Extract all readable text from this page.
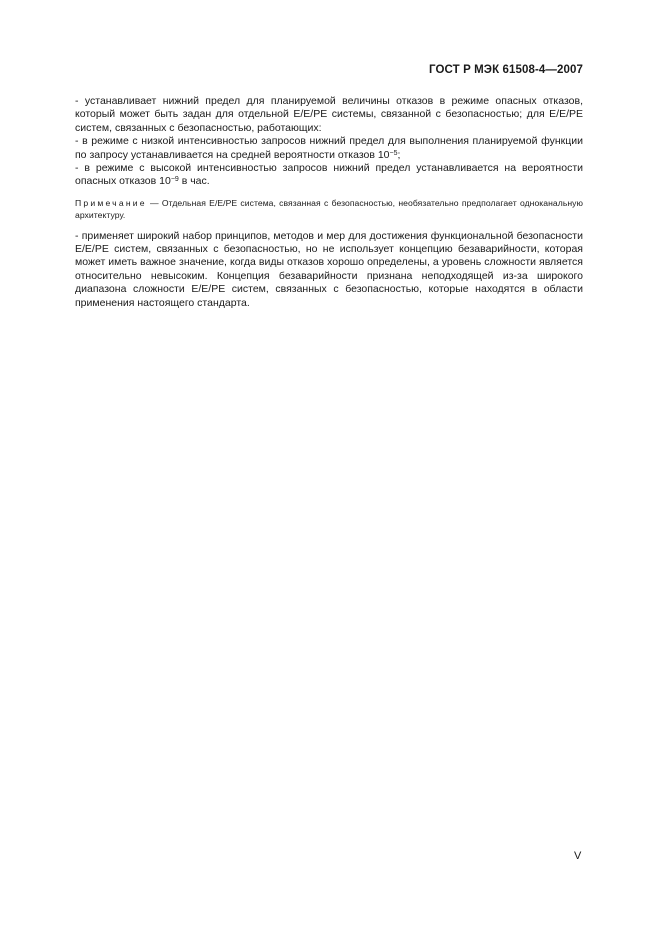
ГОСТ Р МЭК 61508-4—2007

- устанавливает нижний предел для планируемой величины отказов в режиме опасных отказов, который может быть задан для отдельной E/E/PE системы, связанной с безопасностью; для E/E/PE систем, связанных с безопасностью, работающих:

- в режиме с низкой интенсивностью запросов нижний предел для выполнения планируемой функции по запросу устанавливается на средней вероятности отказов $10^{-5}$;

- в режиме с высокой интенсивностью запросов нижний предел устанавливается на вероятности опасных отказов $10^{-9}$ в час.

Примечание — Отдельная E/E/PE система, связанная с безопасностью, необязательно предполагает одноканальную архитектуру.

- применяет широкий набор принципов, методов и мер для достижения функциональной безопасности E/E/PE систем, связанных с безопасностью, но не использует концепцию безаварийности, которая может иметь важное значение, когда виды отказов хорошо определены, а уровень сложности является относительно невысоким. Концепция безаварийности признана неподходящей из-за широкого диапазона сложности E/E/PE систем, связанных с безопасностью, которые находятся в области применения настоящего стандарта.

V
